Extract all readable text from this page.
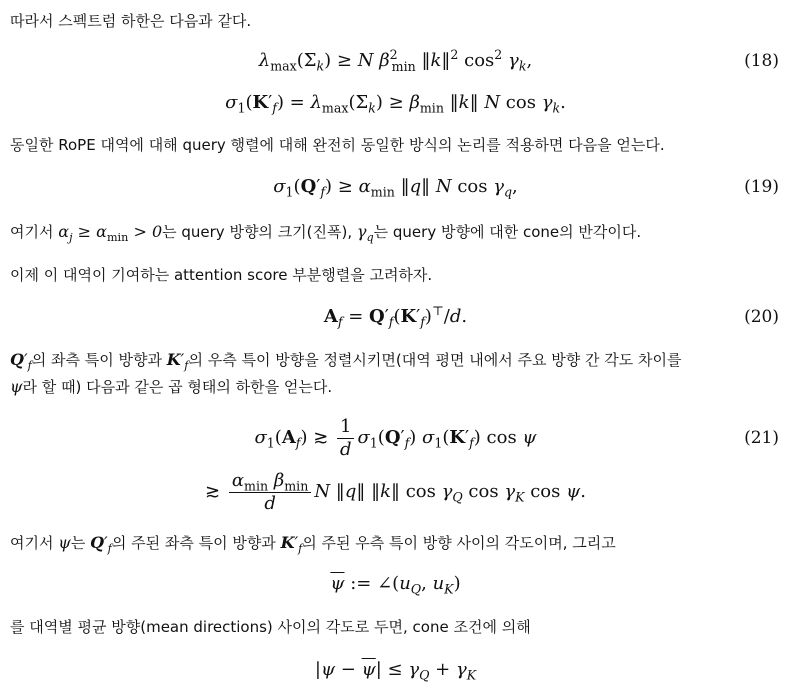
따라서 스펙트럼 하한은 다음과 같다.
$\lambda_{max}(\Sigma_k) \ge N$ $\beta^2_{min}$ ‖k‖$^2$ $\cos^2 \gamma_k$,	(18)
$\sigma_1(K'_f) = \lambda_{max}(\Sigma_k) \ge \beta_{min}$ ‖k‖ N $\cos \gamma_k$.
동일한 RoPE 대역에 대해 query 행렬에 대해 완전히 동일한 방식의 논리를 적용하면 다음을 얻는다.
$\sigma_1(Q'_f) \ge \alpha_{min}$ ‖q‖ N $\cos \gamma_q$,	(19)
여기서 $\alpha_j \ge \alpha_{min} > 0$는 query 방향의 크기(진폭), $\gamma_q$는 query 방향에 대한 cone의 반각이다.
이제 이 대역이 기여하는 attention score 부분행렬을 고려하자.
$A_f = Q'_f(K'_f)^⊤/d$.	(20)
$Q'_f$의 좌측 특이 방향과 $K'_f$의 우측 특이 방향을 정렬시키면(대역 평면 내에서 주요 방향 간 각도 차이를
ψ라 할 때) 다음과 같은 곱 형태의 하한을 얻는다.
$\sigma_1(A_f)$ ≳ $\frac{1}{d} \sigma_1(Q'_f)$ $\sigma_1(K'_f)$ cos ψ	(21)
≳ $\frac{\alpha_{min} \beta_{min}}{d}$ N ‖q‖ ‖k‖ $\cos \gamma_Q$ $\cos \gamma_K$ cos ψ.
여기서 ψ는 $Q'_f$의 주된 좌측 특이 방향과 $K'_f$의 주된 우측 특이 방향 사이의 각도이며, 그리고
$\overline{\psi}$ := $\angle(u_Q$, $u_K$)
를 대역별 평균 방향(mean directions) 사이의 각도로 두면, cone 조건에 의해
$|\psi - \overline{\psi}| \le \gamma_Q + \gamma_K$
